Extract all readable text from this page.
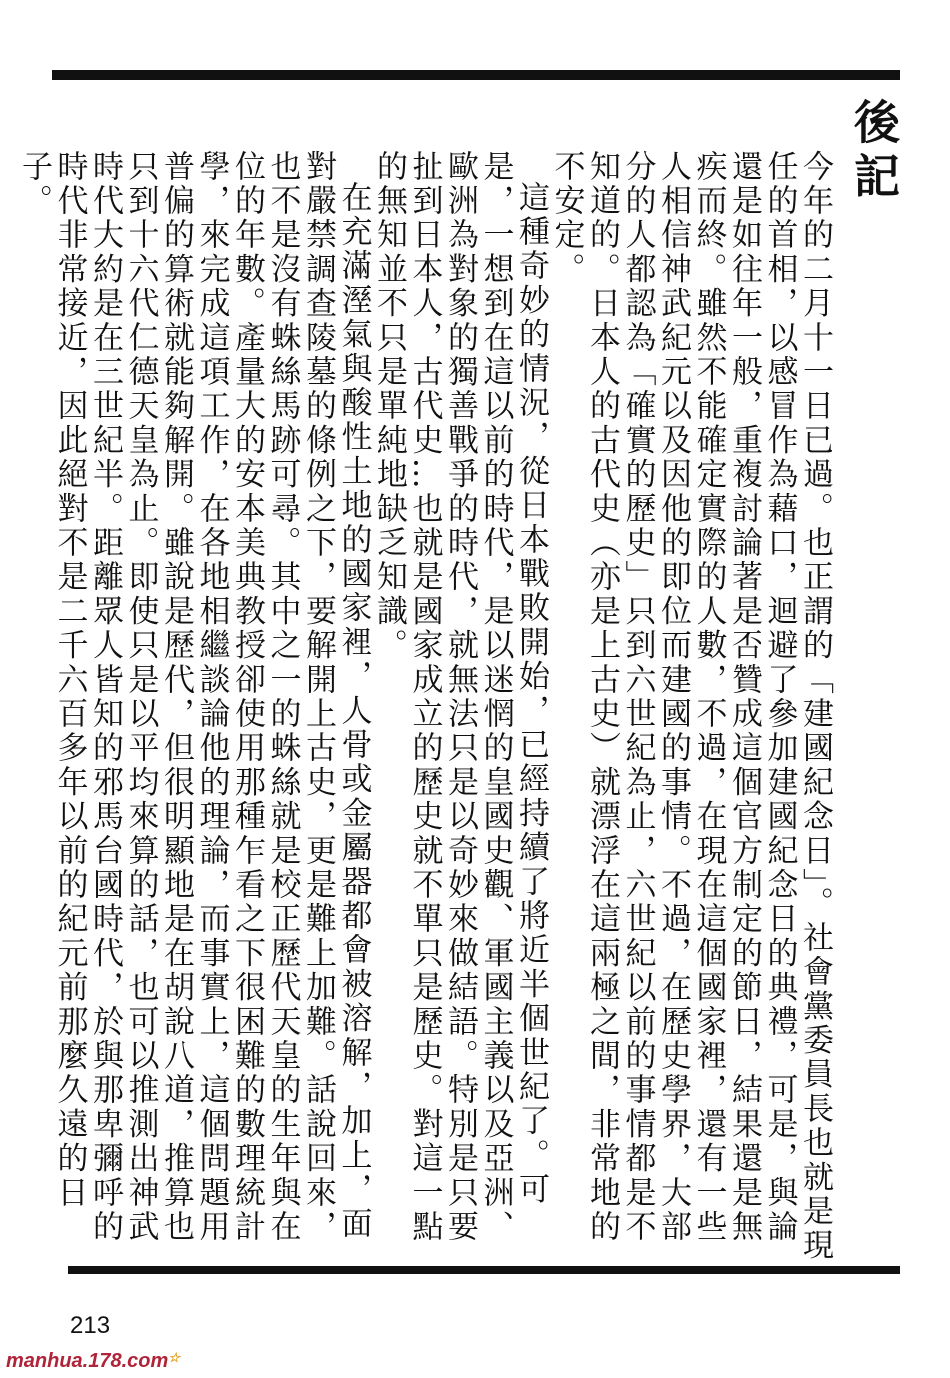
後記

今年的二月十一日已過。也正謂的「建國紀念日」。社會黨委員長也就是現任的首相，以感冒作為藉口，迴避了參加建國紀念日的典禮，可是，與論還是如往年一般，重複討論著是否贊成這個官方制定的節日，結果還是無疾而終。雖然不能確定實際的人數，不過，在現在這個國家裡，還有一些人相信神武紀元以及因他的即位而建國的事情。不過，在歷史學界，大部分的人都認為「確實的歷史」只到六世紀為止，六世紀以前的事情都是不知道的。日本人的古代史（亦是上古史）就漂浮在這兩極之間，非常地的不安定。

這種奇妙的情況，從日本戰敗開始，已經持續了將近半個世紀了。可是，一想到在這以前的時代，是以迷惘的皇國史觀、軍國主義以及亞洲、歐洲為對象的獨善戰爭的時代，就無法只是以奇妙來做結語。特別是只要扯到日本人，古代史…也就是國家成立的歷史就不單只是歷史。對這一點的無知並不只是單純地缺乏知識。

在充滿溼氣與酸性土地的國家裡，人骨或金屬器都會被溶解，加上，面對嚴禁調查陵墓的條例之下，要解開上古史，更是難上加難。話說回來，也不是沒有蛛絲馬跡可尋。其中之一的蛛絲就是校正歷代天皇的生年與在位的年數。產量大的安本美典教授卻使用那種乍看之下很困難的數理統計學，來完成這項工作，在各地相繼談論他的理論，而事實上，這個問題用普偏的算術就能夠解開。雖說是歷代，但很明顯地是在胡說八道，推算也只到十六代仁德天皇為止。即使只是以平均來算的話，也可以推測出神武時代大約是在三世紀半。距離眾人皆知的邪馬台國時代，於與那卑彌呼的時代非常接近，因此絕對不是二千六百多年以前的紀元前那麼久遠的日子。

213
manhua.178.com☆
